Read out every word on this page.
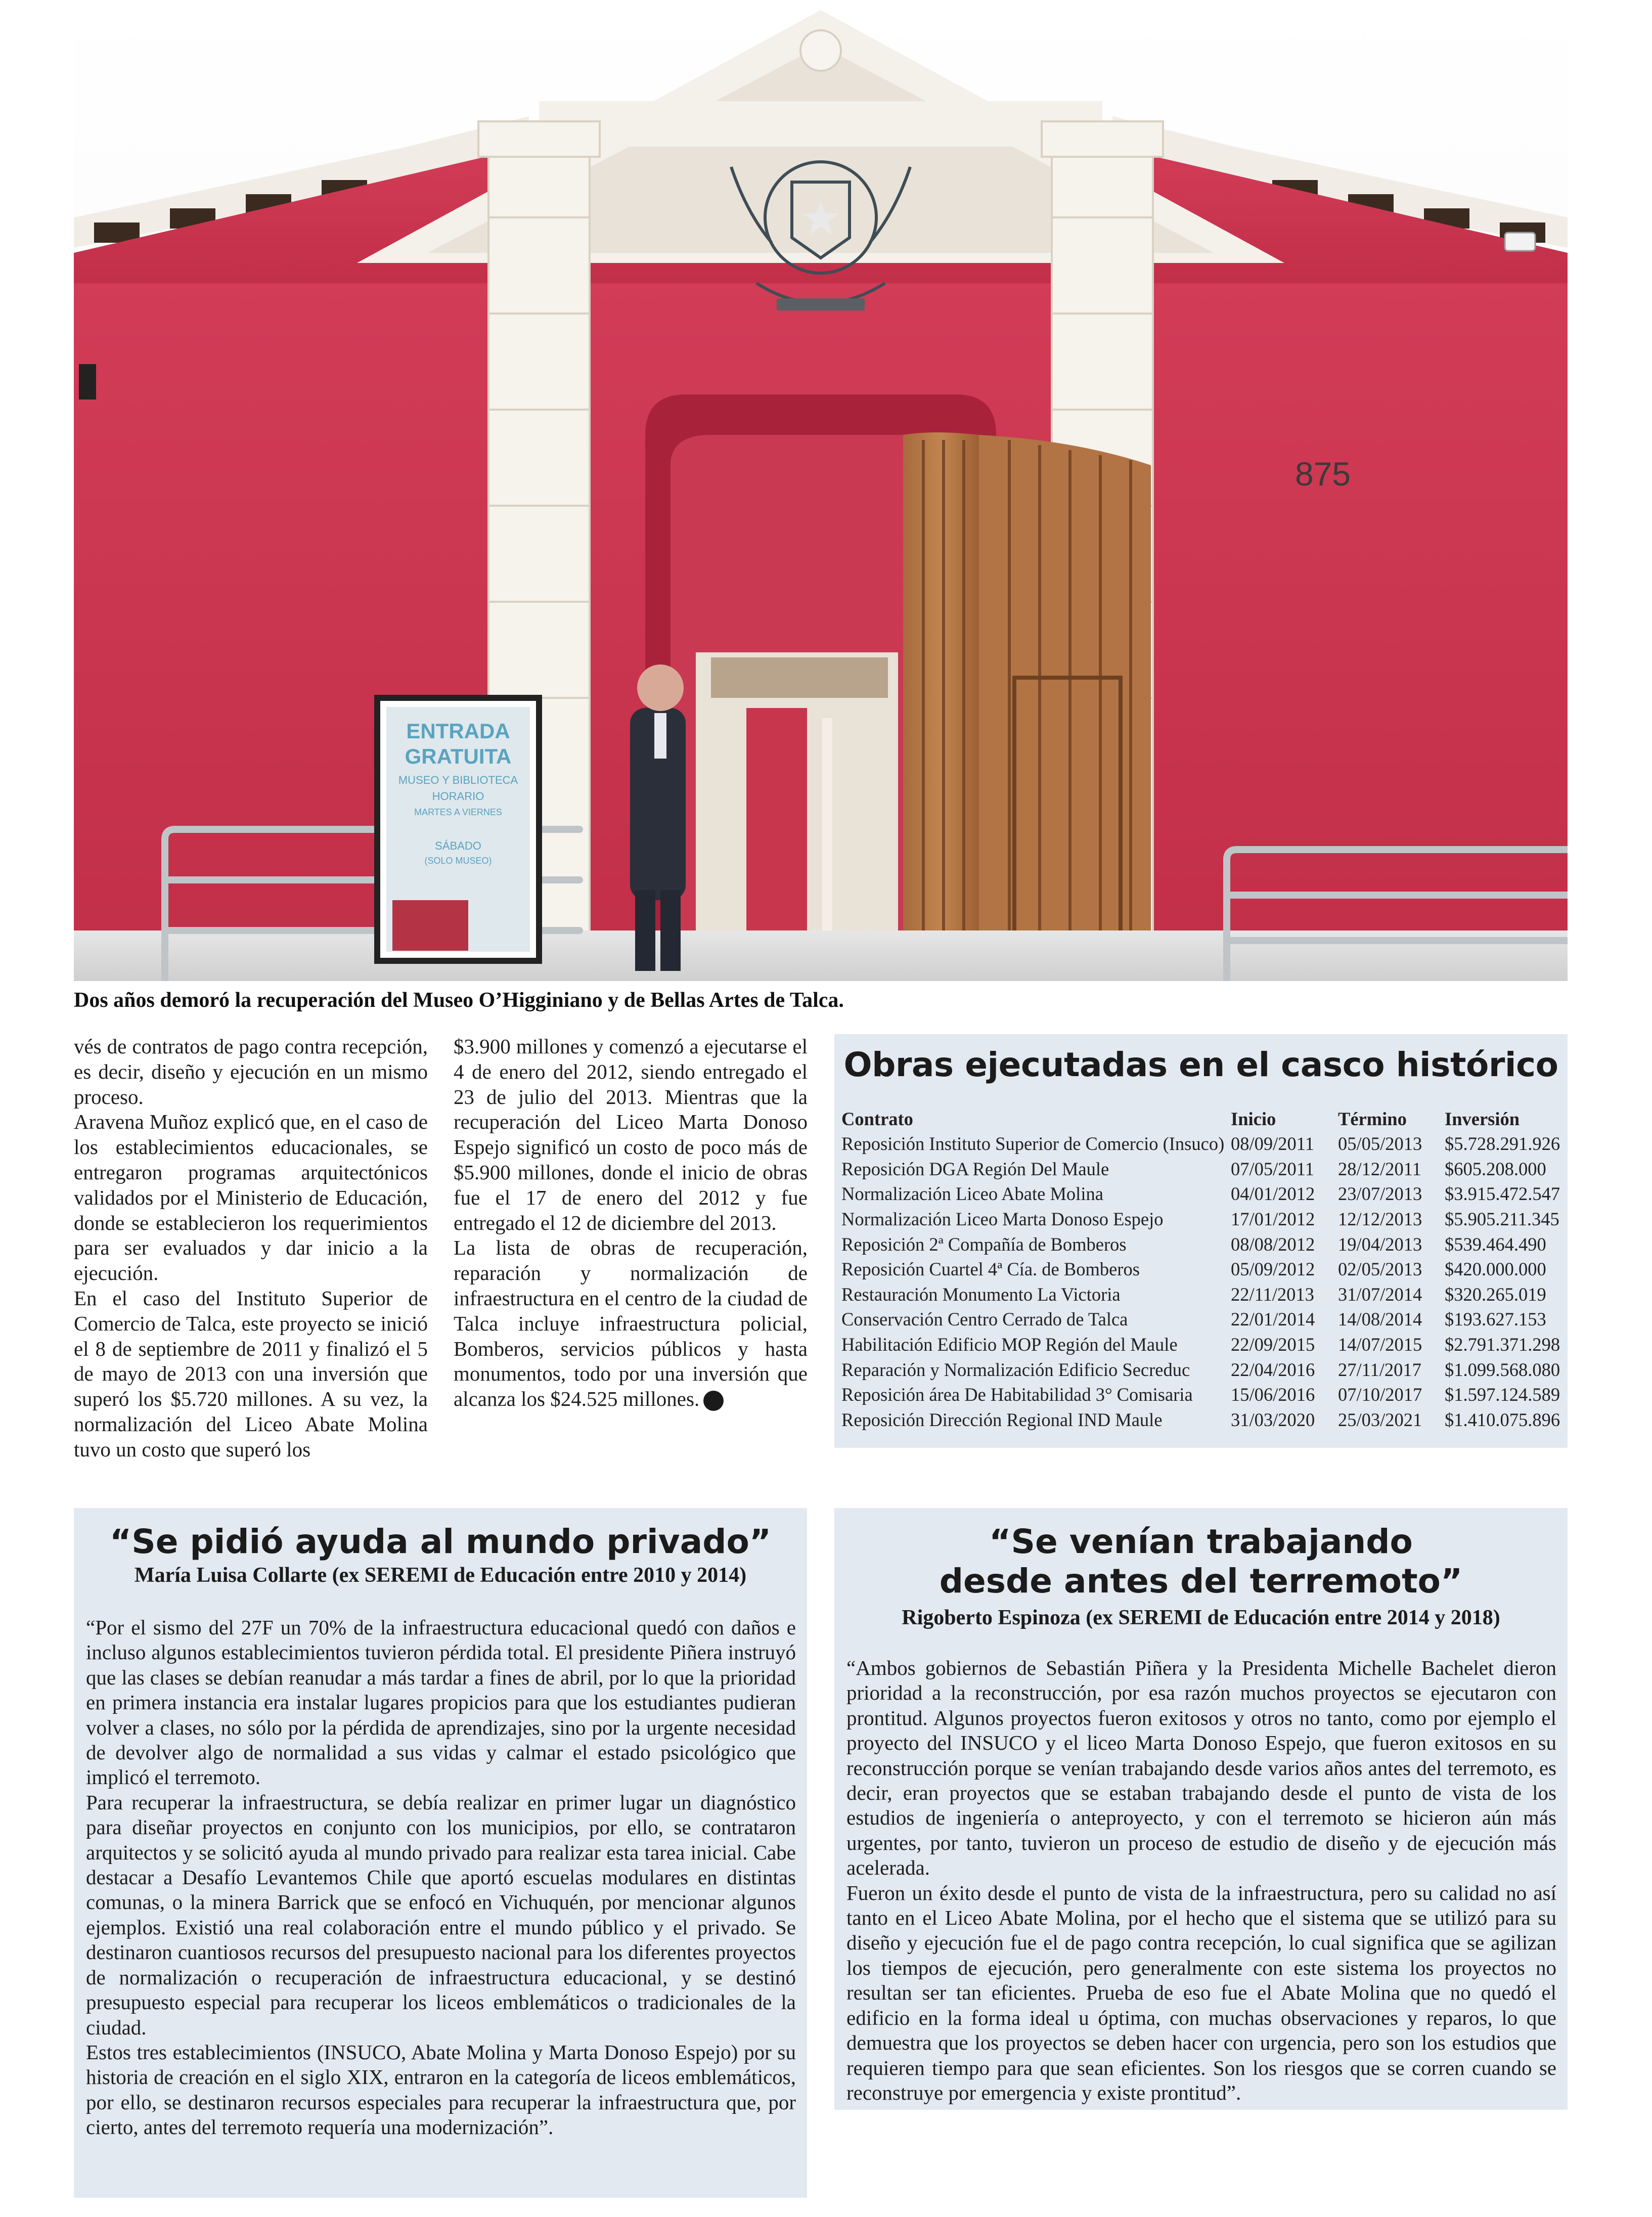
875
ENTRADA
GRATUITA
MUSEO Y BIBLIOTECA
HORARIO
MARTES A VIERNES
SÁBADO
(SOLO MUSEO)
Dos años demoró la recuperación del Museo O’Higginiano y de Bellas Artes de Talca.

vés de contratos de pago contra recepción, es decir, diseño y ejecución en un mismo proceso.

Aravena Muñoz explicó que, en el caso de los establecimientos educacionales, se entregaron programas arquitectónicos validados por el Ministerio de Educación, donde se establecieron los requerimientos para ser evaluados y dar inicio a la ejecución.

En el caso del Instituto Superior de Comercio de Talca, este proyecto se inició el 8 de septiembre de 2011 y finalizó el 5 de mayo de 2013 con una inversión que superó los $5.720 millones. A su vez, la normalización del Liceo Abate Molina tuvo un costo que superó los

$3.900 millones y comenzó a ejecutarse el 4 de enero del 2012, siendo entregado el 23 de julio del 2013. Mientras que la recuperación del Liceo Marta Donoso Espejo significó un costo de poco más de $5.900 millones, donde el inicio de obras fue el 17 de enero del 2012 y fue entregado el 12 de diciembre del 2013.

La lista de obras de recuperación, reparación y normalización de infraestructura en el centro de la ciudad de Talca incluye infraestructura policial, Bomberos, servicios públicos y hasta monumentos, todo por una inversión que alcanza los $24.525 millones.

Obras ejecutadas en el casco histórico
Contrato	Inicio	Término	Inversión
Reposición Instituto Superior de Comercio (Insuco)	08/09/2011	05/05/2013	$5.728.291.926
Reposición DGA Región Del Maule	07/05/2011	28/12/2011	$605.208.000
Normalización Liceo Abate Molina	04/01/2012	23/07/2013	$3.915.472.547
Normalización Liceo Marta Donoso Espejo	17/01/2012	12/12/2013	$5.905.211.345
Reposición 2ª Compañía de Bomberos	08/08/2012	19/04/2013	$539.464.490
Reposición Cuartel 4ª Cía. de Bomberos	05/09/2012	02/05/2013	$420.000.000
Restauración Monumento La Victoria	22/11/2013	31/07/2014	$320.265.019
Conservación Centro Cerrado de Talca	22/01/2014	14/08/2014	$193.627.153
Habilitación Edificio MOP Región del Maule	22/09/2015	14/07/2015	$2.791.371.298
Reparación y Normalización Edificio Secreduc	22/04/2016	27/11/2017	$1.099.568.080
Reposición área De Habitabilidad 3° Comisaria	15/06/2016	07/10/2017	$1.597.124.589
Reposición Dirección Regional IND Maule	31/03/2020	25/03/2021	$1.410.075.896
“Se pidió ayuda al mundo privado”
María Luisa Collarte (ex SEREMI de Educación entre 2010 y 2014)

“Por el sismo del 27F un 70% de la infraestructura educacional quedó con daños e incluso algunos establecimientos tuvieron pérdida total. El presidente Piñera instruyó que las clases se debían reanudar a más tardar a fines de abril, por lo que la prioridad en primera instancia era instalar lugares propicios para que los estudiantes pudieran volver a clases, no sólo por la pérdida de aprendizajes, sino por la urgente necesidad de devolver algo de normalidad a sus vidas y calmar el estado psicológico que implicó el terremoto.

Para recuperar la infraestructura, se debía realizar en primer lugar un diagnóstico para diseñar proyectos en conjunto con los municipios, por ello, se contrataron arquitectos y se solicitó ayuda al mundo privado para realizar esta tarea inicial. Cabe destacar a Desafío Levantemos Chile que aportó escuelas modulares en distintas comunas, o la minera Barrick que se enfocó en Vichuquén, por mencionar algunos ejemplos. Existió una real colaboración entre el mundo público y el privado. Se destinaron cuantiosos recursos del presupuesto nacional para los diferentes proyectos de normalización o recuperación de infraestructura educacional, y se destinó presupuesto especial para recuperar los liceos emblemáticos o tradicionales de la ciudad.

Estos tres establecimientos (INSUCO, Abate Molina y Marta Donoso Espejo) por su historia de creación en el siglo XIX, entraron en la categoría de liceos emblemáticos, por ello, se destinaron recursos especiales para recuperar la infraestructura que, por cierto, antes del terremoto requería una modernización”.

“Se venían trabajando
desde antes del terremoto”
Rigoberto Espinoza (ex SEREMI de Educación entre 2014 y 2018)

“Ambos gobiernos de Sebastián Piñera y la Presidenta Michelle Bachelet dieron prioridad a la reconstrucción, por esa razón muchos proyectos se ejecutaron con prontitud. Algunos proyectos fueron exitosos y otros no tanto, como por ejemplo el proyecto del INSUCO y el liceo Marta Donoso Espejo, que fueron exitosos en su reconstrucción porque se venían trabajando desde varios años antes del terremoto, es decir, eran proyectos que se estaban trabajando desde el punto de vista de los estudios de ingeniería o anteproyecto, y con el terremoto se hicieron aún más urgentes, por tanto, tuvieron un proceso de estudio de diseño y de ejecución más acelerada.

Fueron un éxito desde el punto de vista de la infraestructura, pero su calidad no así tanto en el Liceo Abate Molina, por el hecho que el sistema que se utilizó para su diseño y ejecución fue el de pago contra recepción, lo cual significa que se agilizan los tiempos de ejecución, pero generalmente con este sistema los proyectos no resultan ser tan eficientes. Prueba de eso fue el Abate Molina que no quedó el edificio en la forma ideal u óptima, con muchas observaciones y reparos, lo que demuestra que los proyectos se deben hacer con urgencia, pero son los estudios que requieren tiempo para que sean eficientes. Son los riesgos que se corren cuando se reconstruye por emergencia y existe prontitud”.
